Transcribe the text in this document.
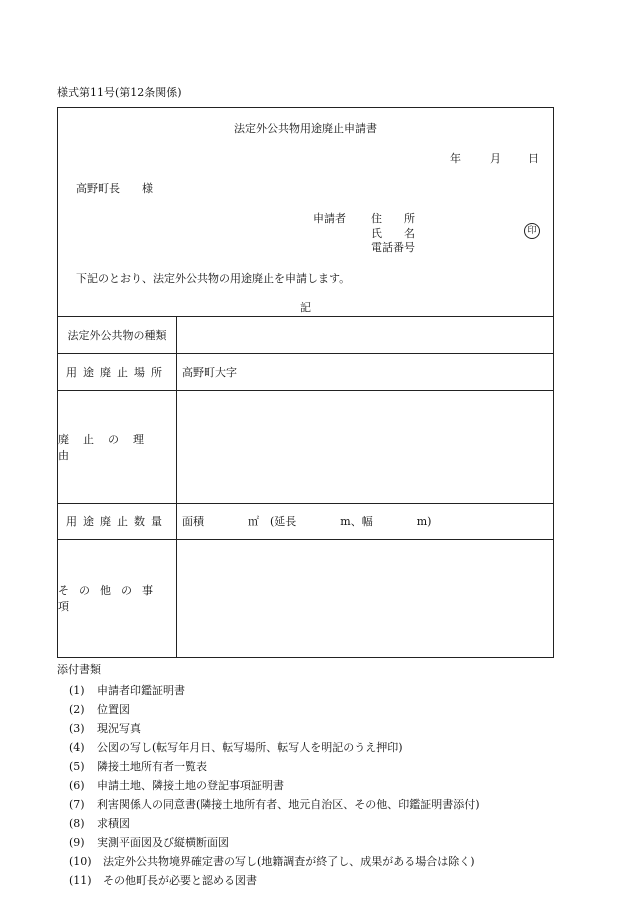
様式第11号(第12条関係)
法定外公共物用途廃止申請書
年	月 日
高野町長　　様
申請者 住　　所
氏　　名
電話番号
印
下記のとおり、法定外公共物の用途廃止を申請します。
記
法定外公共物の種類
用途廃止場所 高野町大字
廃止の理由
用途廃止数量 面積　　　　㎡　(延長　　　　m、幅　　　　m)
その他の事項
添付書類
(1) 申請者印鑑証明書
(2) 位置図
(3) 現況写真
(4) 公図の写し(転写年月日、転写場所、転写人を明記のうえ押印)
(5) 隣接土地所有者一覧表
(6) 申請土地、隣接土地の登記事項証明書
(7) 利害関係人の同意書(隣接土地所有者、地元自治区、その他、印鑑証明書添付)
(8) 求積図
(9) 実測平面図及び縦横断面図
(10) 法定外公共物境界確定書の写し(地籍調査が終了し、成果がある場合は除く)
(11) その他町長が必要と認める図書
